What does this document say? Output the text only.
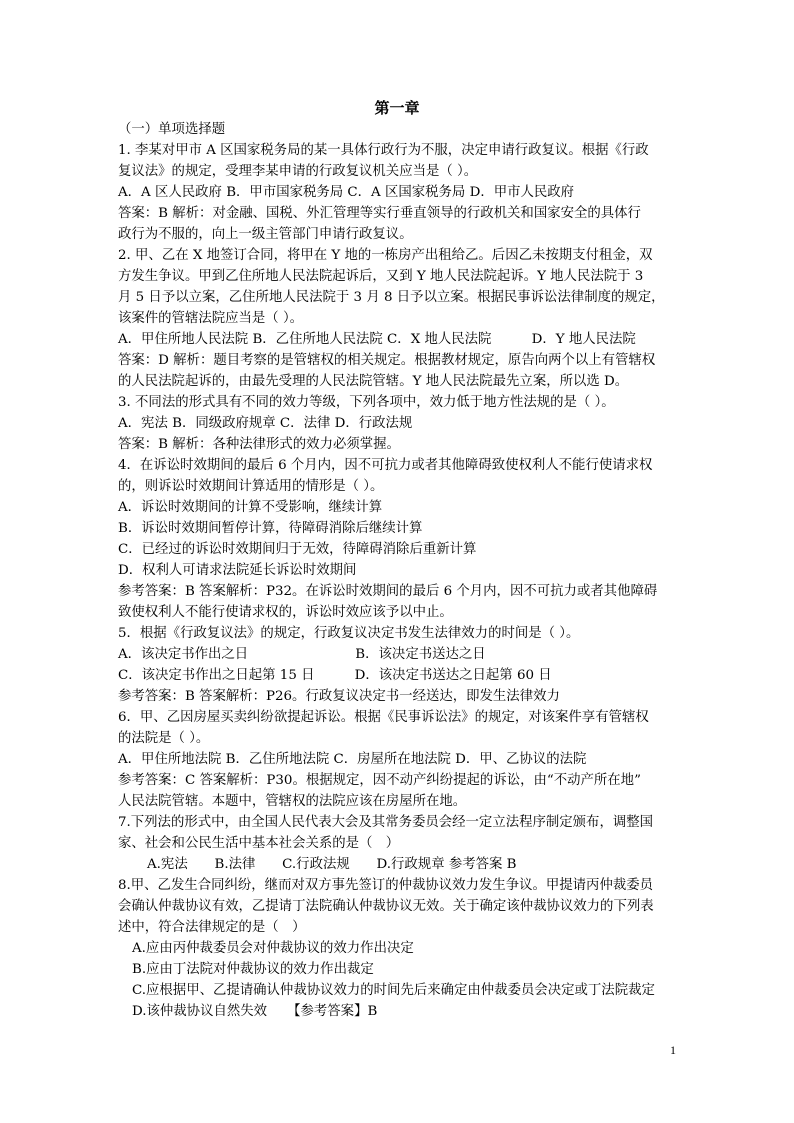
第一章
（一）单项选择题
1. 李某对甲市 A 区国家税务局的某一具体行政行为不服，决定申请行政复议。根据《行政
复议法》的规定，受理李某申请的行政复议机关应当是（ ）。
A．A 区人民政府 B．甲市国家税务局 C．A 区国家税务局 D．甲市人民政府
答案：B 解析：对金融、国税、外汇管理等实行垂直领导的行政机关和国家安全的具体行
政行为不服的，向上一级主管部门申请行政复议。
2. 甲、乙在 X 地签订合同，将甲在 Y 地的一栋房产出租给乙。后因乙未按期支付租金，双
方发生争议。甲到乙住所地人民法院起诉后，又到 Y 地人民法院起诉。Y 地人民法院于 3
月 5 日予以立案，乙住所地人民法院于 3 月 8 日予以立案。根据民事诉讼法律制度的规定，
该案件的管辖法院应当是（ ）。
A．甲住所地人民法院 B．乙住所地人民法院 C．X 地人民法院　　　D．Y 地人民法院
答案：D 解析：题目考察的是管辖权的相关规定。根据教材规定，原告向两个以上有管辖权
的人民法院起诉的，由最先受理的人民法院管辖。Y 地人民法院最先立案，所以选 D。
3. 不同法的形式具有不同的效力等级，下列各项中，效力低于地方性法规的是（ ）。
A．宪法 B．同级政府规章 C．法律 D．行政法规
答案：B 解析：各种法律形式的效力必须掌握。
4．在诉讼时效期间的最后 6 个月内，因不可抗力或者其他障碍致使权利人不能行使请求权
的，则诉讼时效期间计算适用的情形是（ ）。
A．诉讼时效期间的计算不受影响，继续计算
B．诉讼时效期间暂停计算，待障碍消除后继续计算
C．已经过的诉讼时效期间归于无效，待障碍消除后重新计算
D．权利人可请求法院延长诉讼时效期间
参考答案：B 答案解析：P32。在诉讼时效期间的最后 6 个月内，因不可抗力或者其他障碍
致使权利人不能行使请求权的，诉讼时效应该予以中止。
5．根据《行政复议法》的规定，行政复议决定书发生法律效力的时间是（ ）。
A．该决定书作出之日　　　　　　　　B．该决定书送达之日
C．该决定书作出之日起第 15 日　　　D．该决定书送达之日起第 60 日
参考答案：B 答案解析：P26。行政复议决定书一经送达，即发生法律效力
6．甲、乙因房屋买卖纠纷欲提起诉讼。根据《民事诉讼法》的规定，对该案件享有管辖权
的法院是（ ）。
A．甲住所地法院 B．乙住所地法院 C．房屋所在地法院 D．甲、乙协议的法院
参考答案：C 答案解析：P30。根据规定，因不动产纠纷提起的诉讼，由“不动产所在地”
人民法院管辖。本题中，管辖权的法院应该在房屋所在地。
7.下列法的形式中，由全国人民代表大会及其常务委员会经一定立法程序制定颁布，调整国
家、社会和公民生活中基本社会关系的是（　）
A.宪法　　B.法律　　C.行政法规　　D.行政规章 参考答案 B
8.甲、乙发生合同纠纷，继而对双方事先签订的仲裁协议效力发生争议。甲提请丙仲裁委员
会确认仲裁协议有效，乙提请丁法院确认仲裁协议无效。关于确定该仲裁协议效力的下列表
述中，符合法律规定的是（　）
A.应由丙仲裁委员会对仲裁协议的效力作出决定
B.应由丁法院对仲裁协议的效力作出裁定
C.应根据甲、乙提请确认仲裁协议效力的时间先后来确定由仲裁委员会决定或丁法院裁定
D.该仲裁协议自然失效　　【参考答案】B
1
